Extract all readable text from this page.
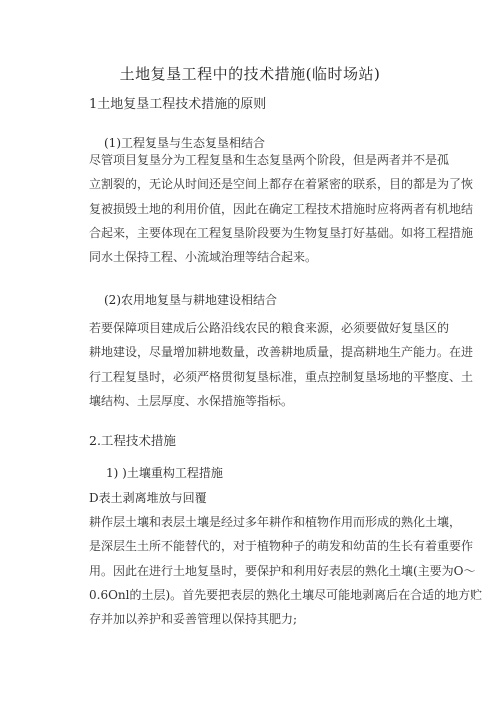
土地复垦工程中的技术措施(临时场站)
1土地复垦工程技术措施的原则
(1)工程复垦与生态复垦相结合
尽管项目复垦分为工程复垦和生态复垦两个阶段，但是两者并不是孤
立割裂的，无论从时间还是空间上都存在着紧密的联系，目的都是为了恢
复被损毁土地的利用价值，因此在确定工程技术措施时应将两者有机地结
合起来，主要体现在工程复垦阶段要为生物复垦打好基础。如将工程措施
同水土保持工程、小流域治理等结合起来。
(2)农用地复垦与耕地建设相结合
若要保障项目建成后公路沿线农民的粮食来源，必须要做好复垦区的
耕地建设，尽量增加耕地数量，改善耕地质量，提高耕地生产能力。在进
行工程复垦时，必须严格贯彻复垦标准，重点控制复垦场地的平整度、土
壤结构、土层厚度、水保措施等指标。
2.工程技术措施
1) )土壤重构工程措施
D表土剥离堆放与回覆
耕作层土壤和表层土壤是经过多年耕作和植物作用而形成的熟化土壤，
是深层生土所不能替代的，对于植物种子的萌发和幼苗的生长有着重要作
用。因此在进行土地复垦时，要保护和利用好表层的熟化土壤(主要为O〜
0.6Onl的土层)。首先要把表层的熟化土壤尽可能地剥离后在合适的地方贮
存并加以养护和妥善管理以保持其肥力;
